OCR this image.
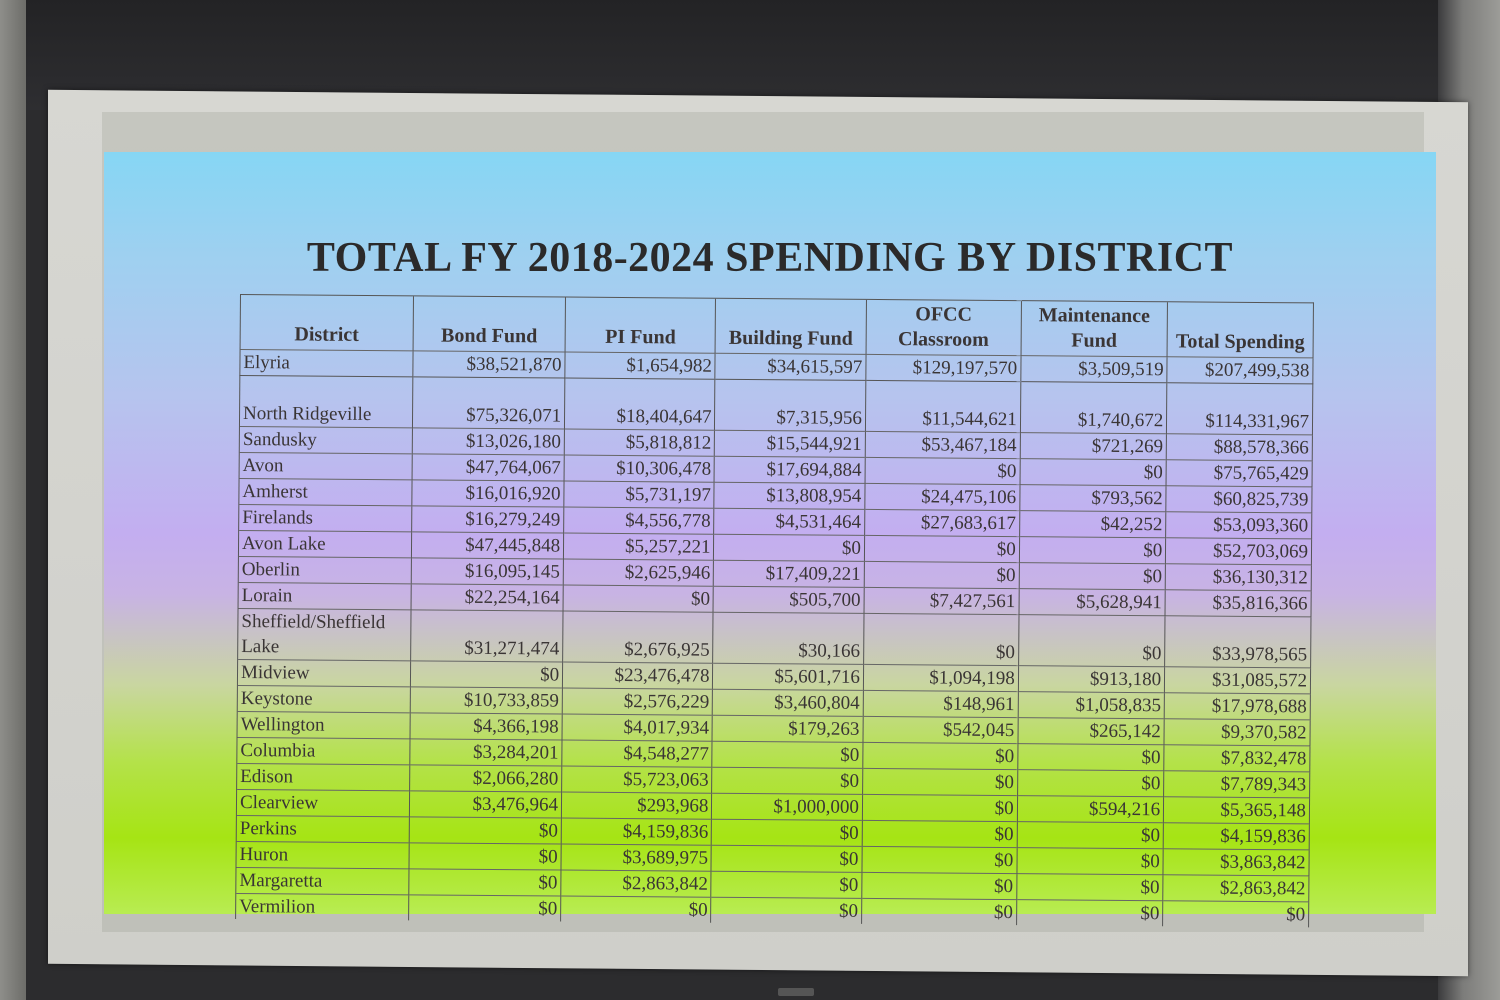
TOTAL FY 2018-2024 SPENDING BY DISTRICT
District	Bond Fund	PI Fund	Building Fund	OFCC Classroom	Maintenance Fund	Total Spending
Elyria	$38,521,870	$1,654,982	$34,615,597	$129,197,570	$3,509,519	$207,499,538
North Ridgeville	$75,326,071	$18,404,647	$7,315,956	$11,544,621	$1,740,672	$114,331,967
Sandusky	$13,026,180	$5,818,812	$15,544,921	$53,467,184	$721,269	$88,578,366
Avon	$47,764,067	$10,306,478	$17,694,884	$0	$0	$75,765,429
Amherst	$16,016,920	$5,731,197	$13,808,954	$24,475,106	$793,562	$60,825,739
Firelands	$16,279,249	$4,556,778	$4,531,464	$27,683,617	$42,252	$53,093,360
Avon Lake	$47,445,848	$5,257,221	$0	$0	$0	$52,703,069
Oberlin	$16,095,145	$2,625,946	$17,409,221	$0	$0	$36,130,312
Lorain	$22,254,164	$0	$505,700	$7,427,561	$5,628,941	$35,816,366
Sheffield/Sheffield Lake	$31,271,474	$2,676,925	$30,166	$0	$0	$33,978,565
Midview	$0	$23,476,478	$5,601,716	$1,094,198	$913,180	$31,085,572
Keystone	$10,733,859	$2,576,229	$3,460,804	$148,961	$1,058,835	$17,978,688
Wellington	$4,366,198	$4,017,934	$179,263	$542,045	$265,142	$9,370,582
Columbia	$3,284,201	$4,548,277	$0	$0	$0	$7,832,478
Edison	$2,066,280	$5,723,063	$0	$0	$0	$7,789,343
Clearview	$3,476,964	$293,968	$1,000,000	$0	$594,216	$5,365,148
Perkins	$0	$4,159,836	$0	$0	$0	$4,159,836
Huron	$0	$3,689,975	$0	$0	$0	$3,863,842
Margaretta	$0	$2,863,842	$0	$0	$0	$2,863,842
Vermilion	$0	$0	$0	$0	$0	$0
